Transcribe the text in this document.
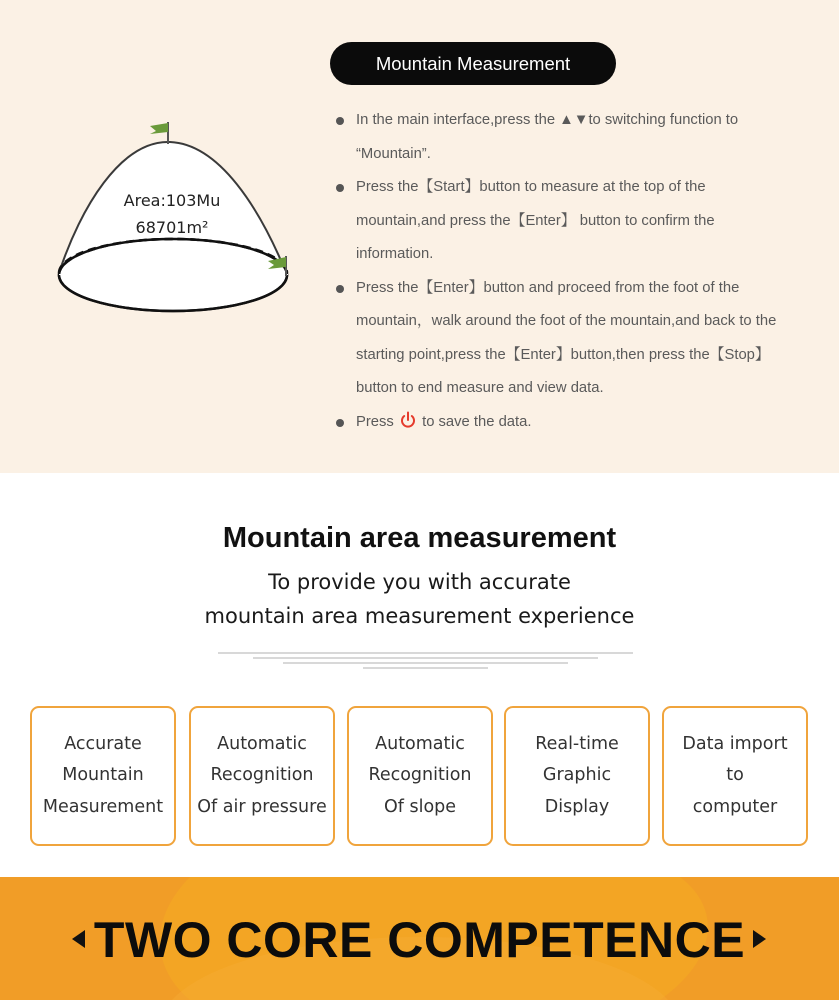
Area:103Mu
68701m²
Mountain Measurement
In the main interface,press the ▲▼to switching function to “Mountain”.
Press the【Start】button to measure at the top of the mountain,and press the【Enter】 button to confirm the information.
Press the【Enter】button and proceed from the foot of the mountain，walk around the foot of the mountain,and back to the starting point,press the【Enter】button,then press the【Stop】button to end measure and view data.
Press to save the data.
Mountain area measurement
To provide you with accurate
mountain area measurement experience
Accurate
Mountain
Measurement
Automatic
Recognition
Of air pressure
Automatic
Recognition
Of slope
Real-time
Graphic
Display
Data import
to
computer
TWO CORE COMPETENCE
